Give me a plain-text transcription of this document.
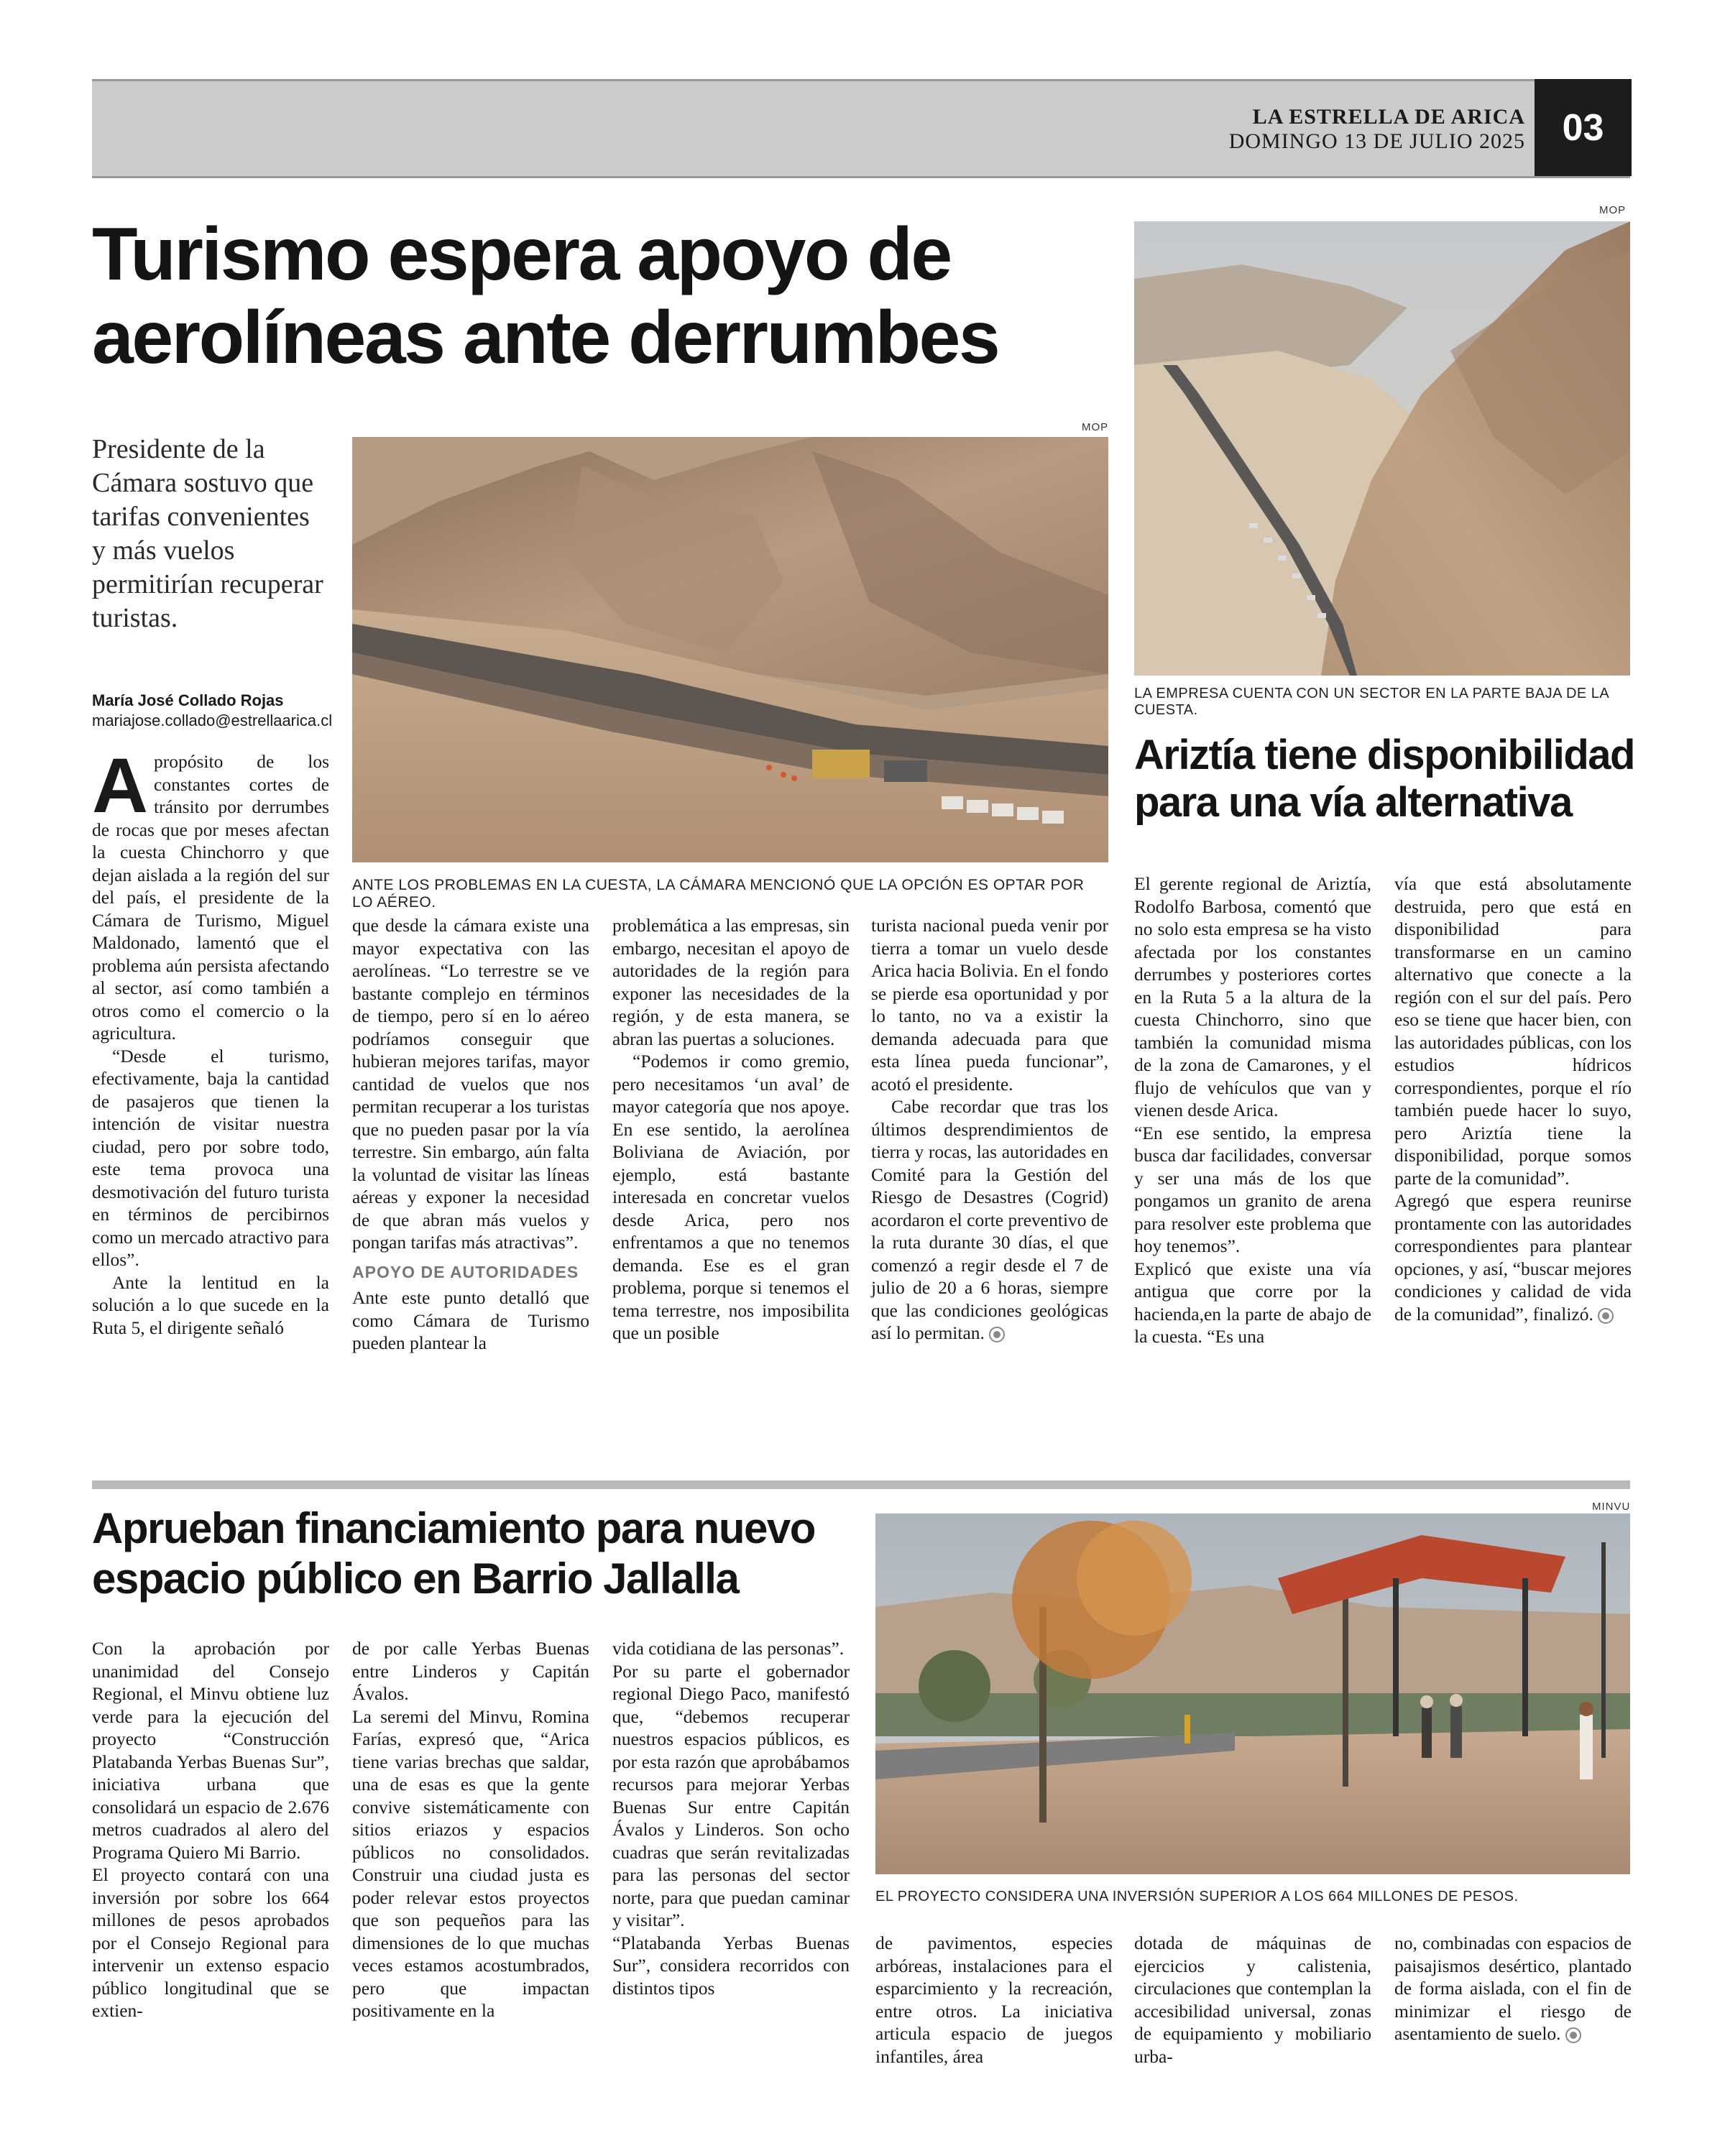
LA ESTRELLA DE ARICA
DOMINGO 13 DE JULIO 2025 03
Turismo espera apoyo de aerolíneas ante derrumbes
Presidente de la Cámara sostuvo que tarifas convenientes y más vuelos permitirían recuperar turistas.
María José Collado Rojas
mariajose.collado@estrellaarica.cl
MOP
ANTE LOS PROBLEMAS EN LA CUESTA, LA CÁMARA MENCIONÓ QUE LA OPCIÓN ES OPTAR POR LO AÉREO.

Apropósito de los constantes cortes de tránsito por derrumbes de rocas que por meses afectan la cuesta Chinchorro y que dejan aislada a la región del sur del país, el presidente de la Cámara de Turismo, Miguel Maldonado, lamentó que el problema aún persista afectando al sector, así como también a otros como el comercio o la agricultura.

“Desde el turismo, efectivamente, baja la cantidad de pasajeros que tienen la intención de visitar nuestra ciudad, pero por sobre todo, este tema provoca una desmotivación del futuro turista en términos de percibirnos como un mercado atractivo para ellos”.

Ante la lentitud en la solución a lo que sucede en la Ruta 5, el dirigente señaló

que desde la cámara existe una mayor expectativa con las aerolíneas. “Lo terrestre se ve bastante complejo en términos de tiempo, pero sí en lo aéreo podríamos conseguir que hubieran mejores tarifas, mayor cantidad de vuelos que nos permitan recuperar a los turistas que no pueden pasar por la vía terrestre. Sin embargo, aún falta la voluntad de visitar las líneas aéreas y exponer la necesidad de que abran más vuelos y pongan tarifas más atractivas”.

APOYO DE AUTORIDADES

Ante este punto detalló que como Cámara de Turismo pueden plantear la

problemática a las empresas, sin embargo, necesitan el apoyo de autoridades de la región para exponer las necesidades de la región, y de esta manera, se abran las puertas a soluciones.

“Podemos ir como gremio, pero necesitamos ‘un aval’ de mayor categoría que nos apoye. En ese sentido, la aerolínea Boliviana de Aviación, por ejemplo, está bastante interesada en concretar vuelos desde Arica, pero nos enfrentamos a que no tenemos demanda. Ese es el gran problema, porque si tenemos el tema terrestre, nos imposibilita que un posible

turista nacional pueda venir por tierra a tomar un vuelo desde Arica hacia Bolivia. En el fondo se pierde esa oportunidad y por lo tanto, no va a existir la demanda adecuada para que esta línea pueda funcionar”, acotó el presidente.

Cabe recordar que tras los últimos desprendimientos de tierra y rocas, las autoridades en Comité para la Gestión del Riesgo de Desastres (Cogrid) acordaron el corte preventivo de la ruta durante 30 días, el que comenzó a regir desde el 7 de julio de 20 a 6 horas, siempre que las condiciones geológicas así lo permitan.

MOP
LA EMPRESA CUENTA CON UN SECTOR EN LA PARTE BAJA DE LA CUESTA.
Ariztía tiene disponibilidad para una vía alternativa

El gerente regional de Ariztía, Rodolfo Barbosa, comentó que no solo esta empresa se ha visto afectada por los constantes derrumbes y posteriores cortes en la Ruta 5 a la altura de la cuesta Chinchorro, sino que también la comunidad misma de la zona de Camarones, y el flujo de vehículos que van y vienen desde Arica.

“En ese sentido, la empresa busca dar facilidades, conversar y ser una más de los que pongamos un granito de arena para resolver este problema que hoy tenemos”.

Explicó que existe una vía antigua que corre por la hacienda,en la parte de abajo de la cuesta. “Es una

vía que está absolutamente destruida, pero que está en disponibilidad para transformarse en un camino alternativo que conecte a la región con el sur del país. Pero eso se tiene que hacer bien, con las autoridades públicas, con los estudios hídricos correspondientes, porque el río también puede hacer lo suyo, pero Ariztía tiene la disponibilidad, porque somos parte de la comunidad”.

Agregó que espera reunirse prontamente con las autoridades correspondientes para plantear opciones, y así, “buscar mejores condiciones y calidad de vida de la comunidad”, finalizó.

Aprueban financiamiento para nuevo espacio público en Barrio Jallalla
MINVU
EL PROYECTO CONSIDERA UNA INVERSIÓN SUPERIOR A LOS 664 MILLONES DE PESOS.

Con la aprobación por unanimidad del Consejo Regional, el Minvu obtiene luz verde para la ejecución del proyecto “Construcción Platabanda Yerbas Buenas Sur”, iniciativa urbana que consolidará un espacio de 2.676 metros cuadrados al alero del Programa Quiero Mi Barrio.

El proyecto contará con una inversión por sobre los 664 millones de pesos aprobados por el Consejo Regional para intervenir un extenso espacio público longitudinal que se extien-

de por calle Yerbas Buenas entre Linderos y Capitán Ávalos.

La seremi del Minvu, Romina Farías, expresó que, “Arica tiene varias brechas que saldar, una de esas es que la gente convive sistemáticamente con sitios eriazos y espacios públicos no consolidados. Construir una ciudad justa es poder relevar estos proyectos que son pequeños para las dimensiones de lo que muchas veces estamos acostumbrados, pero que impactan positivamente en la

vida cotidiana de las personas”.

Por su parte el gobernador regional Diego Paco, manifestó que, “debemos recuperar nuestros espacios públicos, es por esta razón que aprobábamos recursos para mejorar Yerbas Buenas Sur entre Capitán Ávalos y Linderos. Son ocho cuadras que serán revitalizadas para las personas del sector norte, para que puedan caminar y visitar”.

“Platabanda Yerbas Buenas Sur”, considera recorridos con distintos tipos

de pavimentos, especies arbóreas, instalaciones para el esparcimiento y la recreación, entre otros. La iniciativa articula espacio de juegos infantiles, área

dotada de máquinas de ejercicios y calistenia, circulaciones que contemplan la accesibilidad universal, zonas de equipamiento y mobiliario urba-

no, combinadas con espacios de paisajismos desértico, plantado de forma aislada, con el fin de minimizar el riesgo de asentamiento de suelo.
